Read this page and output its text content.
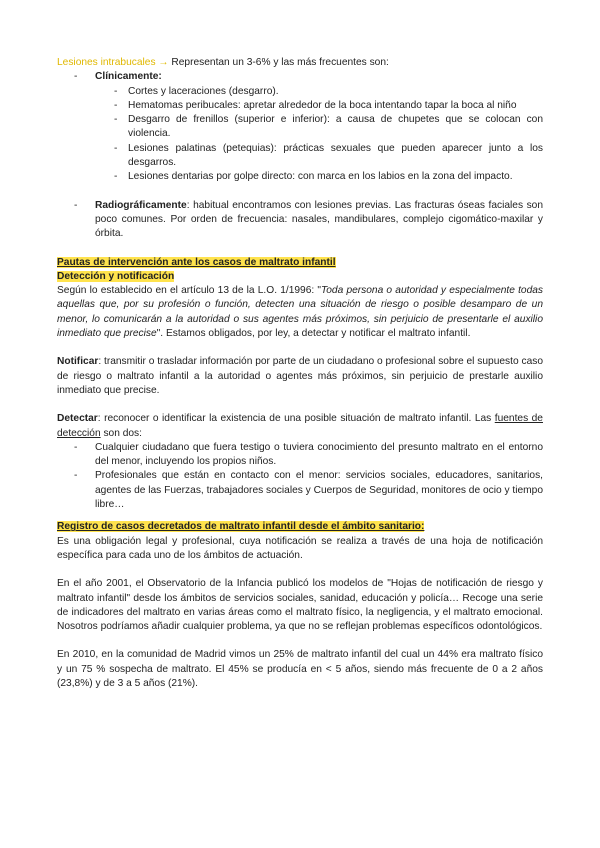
Lesiones intrabucales → Representan un 3-6% y las más frecuentes son:

- Clínicamente:
- Cortes y laceraciones (desgarro).
- Hematomas peribucales: apretar alrededor de la boca intentando tapar la boca al niño
- Desgarro de frenillos (superior e inferior): a causa de chupetes que se colocan con violencia.
- Lesiones palatinas (petequias): prácticas sexuales que pueden aparecer junto a los desgarros.
- Lesiones dentarias por golpe directo: con marca en los labios en la zona del impacto.
- Radiográficamente: habitual encontramos con lesiones previas. Las fracturas óseas faciales son poco comunes. Por orden de frecuencia: nasales, mandibulares, complejo cigomático-maxilar y órbita.

Pautas de intervención ante los casos de maltrato infantil

Detección y notificación

Según lo establecido en el artículo 13 de la L.O. 1/1996: "Toda persona o autoridad y especialmente todas aquellas que, por su profesión o función, detecten una situación de riesgo o posible desamparo de un menor, lo comunicarán a la autoridad o sus agentes más próximos, sin perjuicio de presentarle el auxilio inmediato que precise". Estamos obligados, por ley, a detectar y notificar el maltrato infantil.

Notificar: transmitir o trasladar información por parte de un ciudadano o profesional sobre el supuesto caso de riesgo o maltrato infantil a la autoridad o agentes más próximos, sin perjuicio de prestarle auxilio inmediato que precise.

Detectar: reconocer o identificar la existencia de una posible situación de maltrato infantil. Las fuentes de detección son dos:

- Cualquier ciudadano que fuera testigo o tuviera conocimiento del presunto maltrato en el entorno del menor, incluyendo los propios niños.
- Profesionales que están en contacto con el menor: servicios sociales, educadores, sanitarios, agentes de las Fuerzas, trabajadores sociales y Cuerpos de Seguridad, monitores de ocio y tiempo libre…

Registro de casos decretados de maltrato infantil desde el ámbito sanitario:

Es una obligación legal y profesional, cuya notificación se realiza a través de una hoja de notificación específica para cada uno de los ámbitos de actuación.

En el año 2001, el Observatorio de la Infancia publicó los modelos de "Hojas de notificación de riesgo y maltrato infantil" desde los ámbitos de servicios sociales, sanidad, educación y policía… Recoge una serie de indicadores del maltrato en varias áreas como el maltrato físico, la negligencia, y el maltrato emocional. Nosotros podríamos añadir cualquier problema, ya que no se reflejan problemas específicos odontológicos.

En 2010, en la comunidad de Madrid vimos un 25% de maltrato infantil del cual un 44% era maltrato físico y un 75 % sospecha de maltrato. El 45% se producía en < 5 años, siendo más frecuente de 0 a 2 años (23,8%) y de 3 a 5 años (21%).
